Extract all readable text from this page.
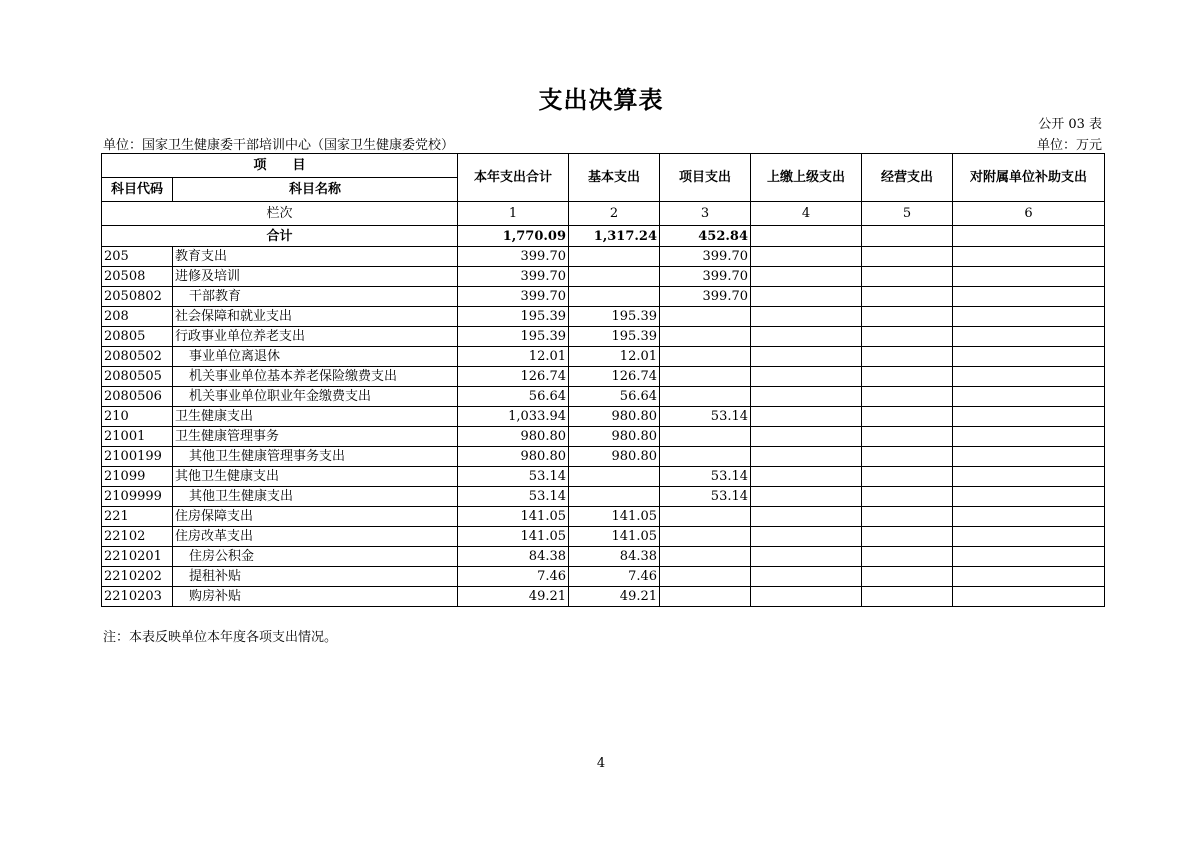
支出决算表
公开 03 表
单位：国家卫生健康委干部培训中心（国家卫生健康委党校）	单位：万元
项　　目		本年支出合计	基本支出	项目支出	上缴上级支出	经营支出	对附属单位补助支出
科目代码	科目名称						
栏次		1	2	3	4	5	6
合计		1,770.09	1,317.24	452.84			
205	教育支出	399.70		399.70			
20508	进修及培训	399.70		399.70			
2050802	干部教育	399.70		399.70			
208	社会保障和就业支出	195.39	195.39				
20805	行政事业单位养老支出	195.39	195.39				
2080502	事业单位离退休	12.01	12.01				
2080505	机关事业单位基本养老保险缴费支出	126.74	126.74				
2080506	机关事业单位职业年金缴费支出	56.64	56.64				
210	卫生健康支出	1,033.94	980.80	53.14			
21001	卫生健康管理事务	980.80	980.80				
2100199	其他卫生健康管理事务支出	980.80	980.80				
21099	其他卫生健康支出	53.14		53.14			
2109999	其他卫生健康支出	53.14		53.14			
221	住房保障支出	141.05	141.05				
22102	住房改革支出	141.05	141.05				
2210201	住房公积金	84.38	84.38				
2210202	提租补贴	7.46	7.46				
2210203	购房补贴	49.21	49.21				
注：本表反映单位本年度各项支出情况。
4
